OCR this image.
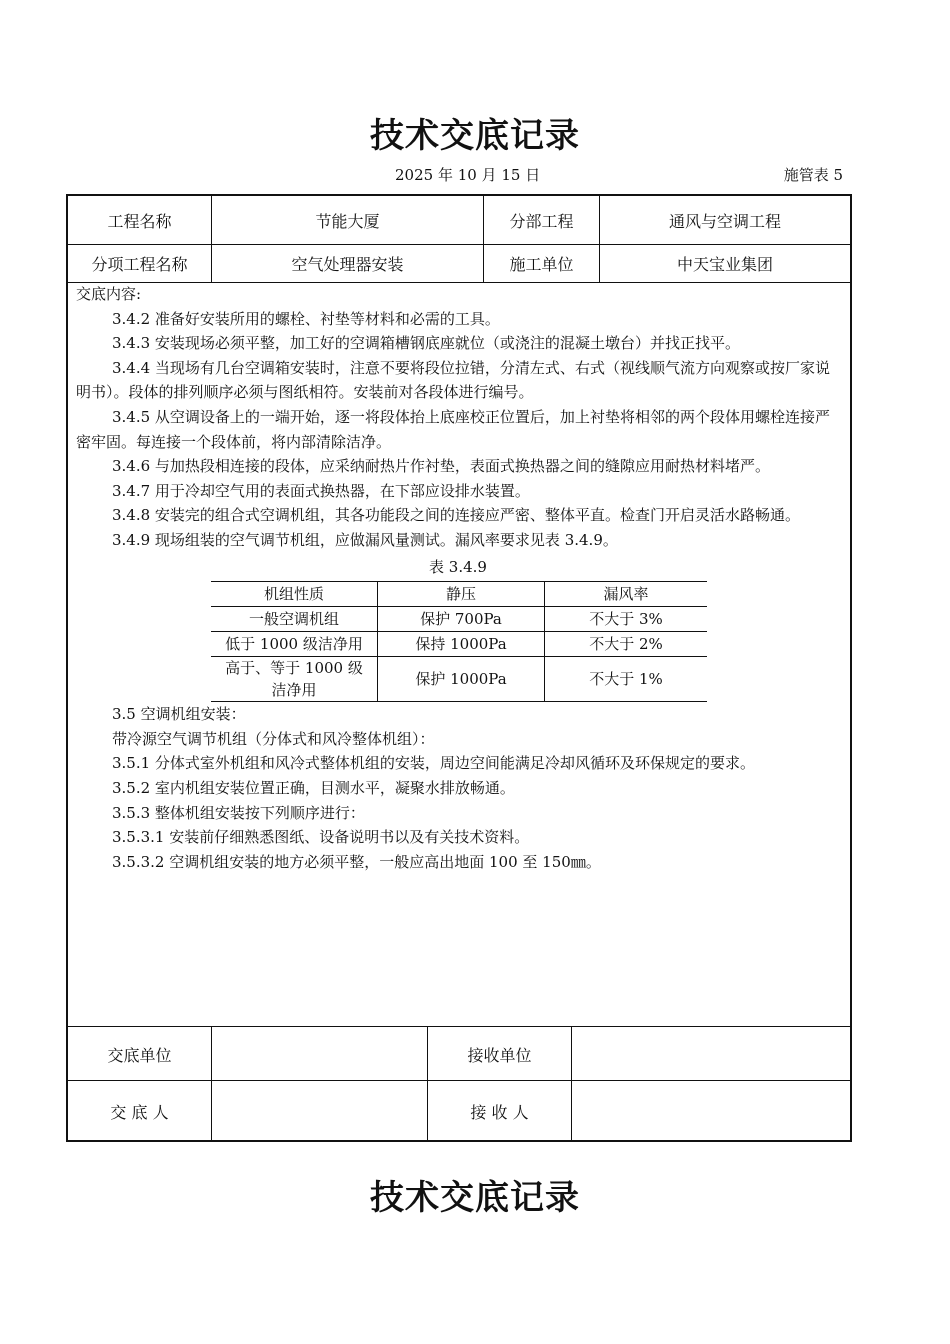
技术交底记录
2025 年 10 月 15 日	施管表 5
工程名称	节能大厦	分部工程	通风与空调工程
分项工程名称	空气处理器安装	施工单位	中天宝业集团

交底内容:

3.4.2 准备好安装所用的螺栓、衬垫等材料和必需的工具。

3.4.3 安装现场必须平整，加工好的空调箱槽钢底座就位（或浇注的混凝土墩台）并找正找平。

3.4.4 当现场有几台空调箱安装时，注意不要将段位拉错，分清左式、右式（视线顺气流方向观察或按厂家说明书）。段体的排列顺序必须与图纸相符。安装前对各段体进行编号。

3.4.5 从空调设备上的一端开始，逐一将段体抬上底座校正位置后，加上衬垫将相邻的两个段体用螺栓连接严密牢固。每连接一个段体前，将内部清除洁净。

3.4.6 与加热段相连接的段体，应采纳耐热片作衬垫，表面式换热器之间的缝隙应用耐热材料堵严。

3.4.7 用于冷却空气用的表面式换热器，在下部应设排水装置。

3.4.8 安装完的组合式空调机组，其各功能段之间的连接应严密、整体平直。检查门开启灵活水路畅通。

3.4.9 现场组装的空气调节机组，应做漏风量测试。漏风率要求见表 3.4.9。

表 3.4.9

机组性质	静压	漏风率
一般空调机组	保护 700Pa	不大于 3%
低于 1000 级洁净用	保持 1000Pa	不大于 2%
高于、等于 1000 级洁净用	保护 1000Pa	不大于 1%

3.5 空调机组安装：

带冷源空气调节机组（分体式和风冷整体机组）：

3.5.1 分体式室外机组和风冷式整体机组的安装，周边空间能满足冷却风循环及环保规定的要求。

3.5.2 室内机组安装位置正确，目测水平，凝聚水排放畅通。

3.5.3 整体机组安装按下列顺序进行：

3.5.3.1 安装前仔细熟悉图纸、设备说明书以及有关技术资料。

3.5.3.2 空调机组安装的地方必须平整，一般应高出地面 100 至 150㎜。

交底单位	接收单位
交 底 人	接 收 人
技术交底记录
